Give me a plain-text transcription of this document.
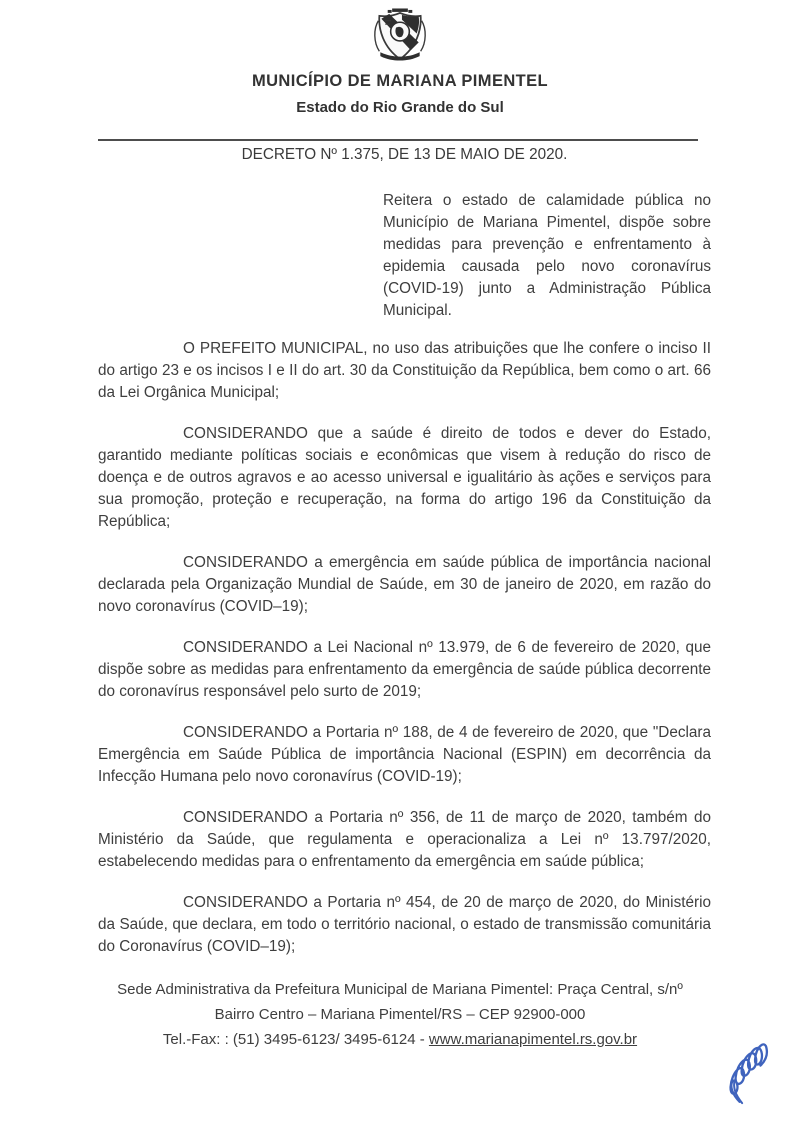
MUNICÍPIO DE MARIANA PIMENTEL
Estado do Rio Grande do Sul
DECRETO Nº 1.375, DE 13 DE MAIO DE 2020.
Reitera o estado de calamidade pública no Município de Mariana Pimentel, dispõe sobre medidas para prevenção e enfrentamento à epidemia causada pelo novo coronavírus (COVID-19) junto a Administração Pública Municipal.

O PREFEITO MUNICIPAL, no uso das atribuições que lhe confere o inciso II do artigo 23 e os incisos I e II do art. 30 da Constituição da República, bem como o art. 66 da Lei Orgânica Municipal;

CONSIDERANDO que a saúde é direito de todos e dever do Estado, garantido mediante políticas sociais e econômicas que visem à redução do risco de doença e de outros agravos e ao acesso universal e igualitário às ações e serviços para sua promoção, proteção e recuperação, na forma do artigo 196 da Constituição da República;

CONSIDERANDO a emergência em saúde pública de importância nacional declarada pela Organização Mundial de Saúde, em 30 de janeiro de 2020, em razão do novo coronavírus (COVID–19);

CONSIDERANDO a Lei Nacional nº 13.979, de 6 de fevereiro de 2020, que dispõe sobre as medidas para enfrentamento da emergência de saúde pública decorrente do coronavírus responsável pelo surto de 2019;

CONSIDERANDO a Portaria nº 188, de 4 de fevereiro de 2020, que "Declara Emergência em Saúde Pública de importância Nacional (ESPIN) em decorrência da Infecção Humana pelo novo coronavírus (COVID-19);

CONSIDERANDO a Portaria nº 356, de 11 de março de 2020, também do Ministério da Saúde, que regulamenta e operacionaliza a Lei nº 13.797/2020, estabelecendo medidas para o enfrentamento da emergência em saúde pública;

CONSIDERANDO a Portaria nº 454, de 20 de março de 2020, do Ministério da Saúde, que declara, em todo o território nacional, o estado de transmissão comunitária do Coronavírus (COVID–19);

Sede Administrativa da Prefeitura Municipal de Mariana Pimentel: Praça Central, s/nº
Bairro Centro – Mariana Pimentel/RS – CEP 92900-000
Tel.-Fax: : (51) 3495-6123/ 3495-6124 - www.marianapimentel.rs.gov.br
